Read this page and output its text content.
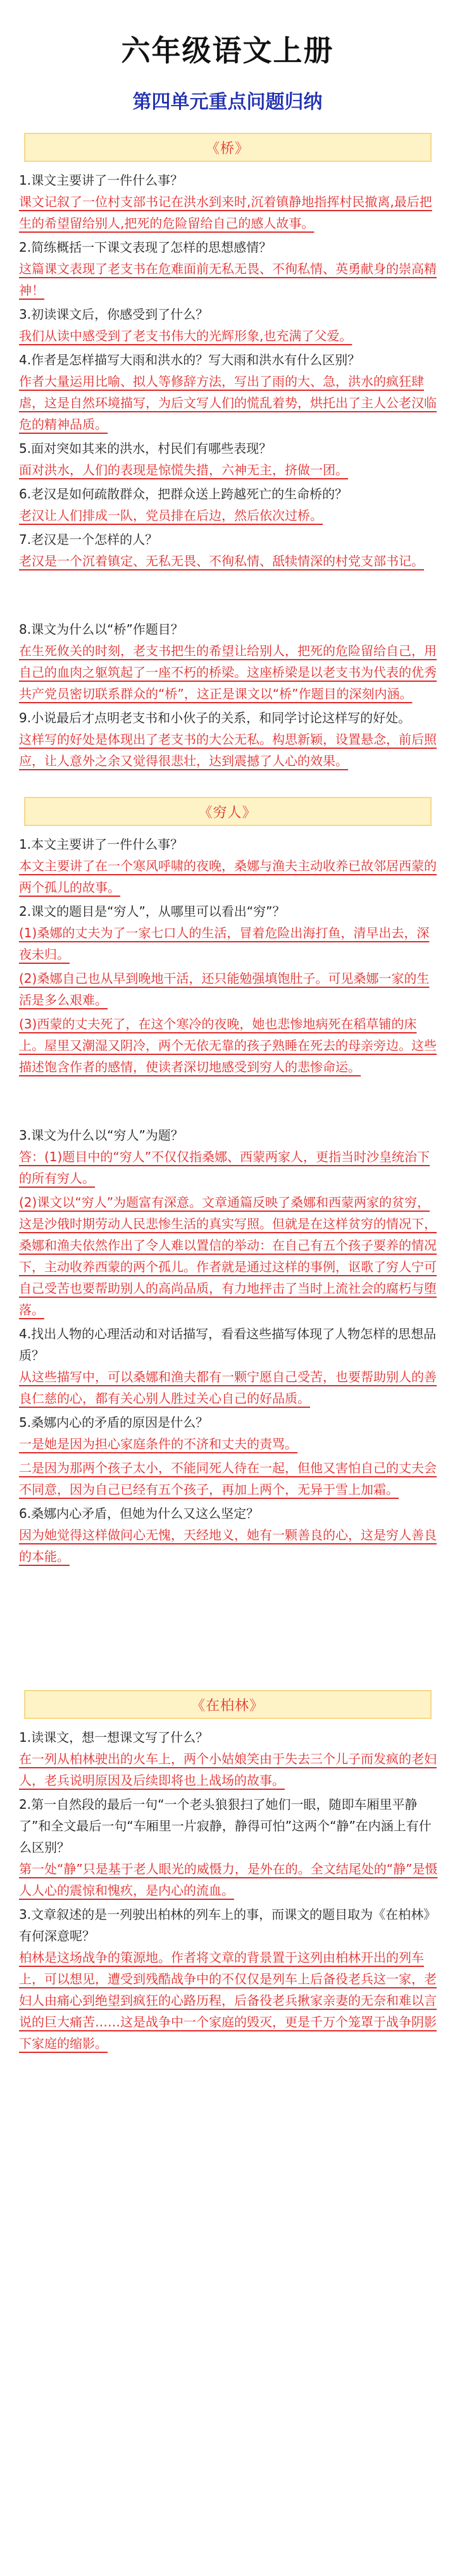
六年级语文上册
第四单元重点问题归纳
《桥》

1.课文主要讲了一件什么事？

课文记叙了一位村支部书记在洪水到来时,沉着镇静地指挥村民撤离,最后把生的希望留给别人,把死的危险留给自己的感人故事。

2.简练概括一下课文表现了怎样的思想感情？

这篇课文表现了老支书在危难面前无私无畏、不徇私情、英勇献身的崇高精神！

3.初读课文后，你感受到了什么？

我们从读中感受到了老支书伟大的光辉形象,也充满了父爱。

4.作者是怎样描写大雨和洪水的？写大雨和洪水有什么区别？

作者大量运用比喻、拟人等修辞方法，写出了雨的大、急，洪水的疯狂肆虐，这是自然环境描写，为后文写人们的慌乱着势，烘托出了主人公老汉临危的精神品质。

5.面对突如其来的洪水，村民们有哪些表现？

面对洪水，人们的表现是惊慌失措，六神无主，挤做一团。

6.老汉是如何疏散群众，把群众送上跨越死亡的生命桥的？

老汉让人们排成一队，党员排在后边，然后依次过桥。

7.老汉是一个怎样的人？

老汉是一个沉着镇定、无私无畏、不徇私情、舐犊情深的村党支部书记。

8.课文为什么以“桥”作题目？

在生死攸关的时刻，老支书把生的希望让给别人，把死的危险留给自己，用自己的血肉之躯筑起了一座不朽的桥梁。这座桥梁是以老支书为代表的优秀共产党员密切联系群众的“桥”，这正是课文以“桥”作题目的深刻内涵。

9.小说最后才点明老支书和小伙子的关系，和同学讨论这样写的好处。

这样写的好处是体现出了老支书的大公无私。构思新颖，设置悬念，前后照应，让人意外之余又觉得很悲壮，达到震撼了人心的效果。

《穷人》

1.本文主要讲了一件什么事？

本文主要讲了在一个寒风呼啸的夜晚，桑娜与渔夫主动收养已故邻居西蒙的两个孤儿的故事。

2.课文的题目是“穷人”，从哪里可以看出“穷”？

(1)桑娜的丈夫为了一家七口人的生活，冒着危险出海打鱼，清早出去，深夜未归。

(2)桑娜自己也从早到晚地干活，还只能勉强填饱肚子。可见桑娜一家的生活是多么艰难。

(3)西蒙的丈夫死了，在这个寒冷的夜晚，她也悲惨地病死在稻草铺的床上。屋里又潮湿又阴冷，两个无依无靠的孩子熟睡在死去的母亲旁边。这些描述饱含作者的感情，使读者深切地感受到穷人的悲惨命运。

3.课文为什么以“穷人”为题？

答：(1)题目中的“穷人”不仅仅指桑娜、西蒙两家人，更指当时沙皇统治下的所有穷人。

(2)课文以“穷人”为题富有深意。文章通篇反映了桑娜和西蒙两家的贫穷，这是沙俄时期劳动人民悲惨生活的真实写照。但就是在这样贫穷的情况下，桑娜和渔夫依然作出了令人难以置信的举动：在自己有五个孩子要养的情况下，主动收养西蒙的两个孤儿。作者就是通过这样的事例，讴歌了穷人宁可自己受苦也要帮助别人的高尚品质，有力地抨击了当时上流社会的腐朽与堕落。

4.找出人物的心理活动和对话描写，看看这些描写体现了人物怎样的思想品质？

从这些描写中，可以桑娜和渔夫都有一颗宁愿自己受苦，也要帮助别人的善良仁慈的心，都有关心别人胜过关心自己的好品质。

5.桑娜内心的矛盾的原因是什么？

一是她是因为担心家庭条件的不济和丈夫的责骂。

二是因为那两个孩子太小，不能同死人待在一起，但他又害怕自己的丈夫会不同意，因为自己已经有五个孩子，再加上两个，无异于雪上加霜。

6.桑娜内心矛盾，但她为什么又这么坚定？

因为她觉得这样做问心无愧，天经地义，她有一颗善良的心，这是穷人善良的本能。

《在柏林》

1.读课文，想一想课文写了什么？

在一列从柏林驶出的火车上，两个小姑娘笑由于失去三个儿子而发疯的老妇人，老兵说明原因及后续即将也上战场的故事。

2.第一自然段的最后一句“一个老头狼狠扫了她们一眼，随即车厢里平静了”和全文最后一句“车厢里一片寂静，静得可怕”这两个“静”在内涵上有什么区别？

第一处“静”只是基于老人眼光的威慑力，是外在的。全文结尾处的“静”是慑人人心的震惊和愧疚，是内心的流血。

3.文章叙述的是一列驶出柏林的列车上的事，而课文的题目取为《在柏林》有何深意呢？

柏林是这场战争的策源地。作者将文章的背景置于这列由柏林开出的列车上，可以想见，遭受到残酷战争中的不仅仅是列车上后备役老兵这一家，老妇人由痛心到绝望到疯狂的心路历程，后备役老兵揪家亲妻的无奈和难以言说的巨大痛苦……这是战争中一个家庭的毁灭，更是千万个笼罩于战争阴影下家庭的缩影。
